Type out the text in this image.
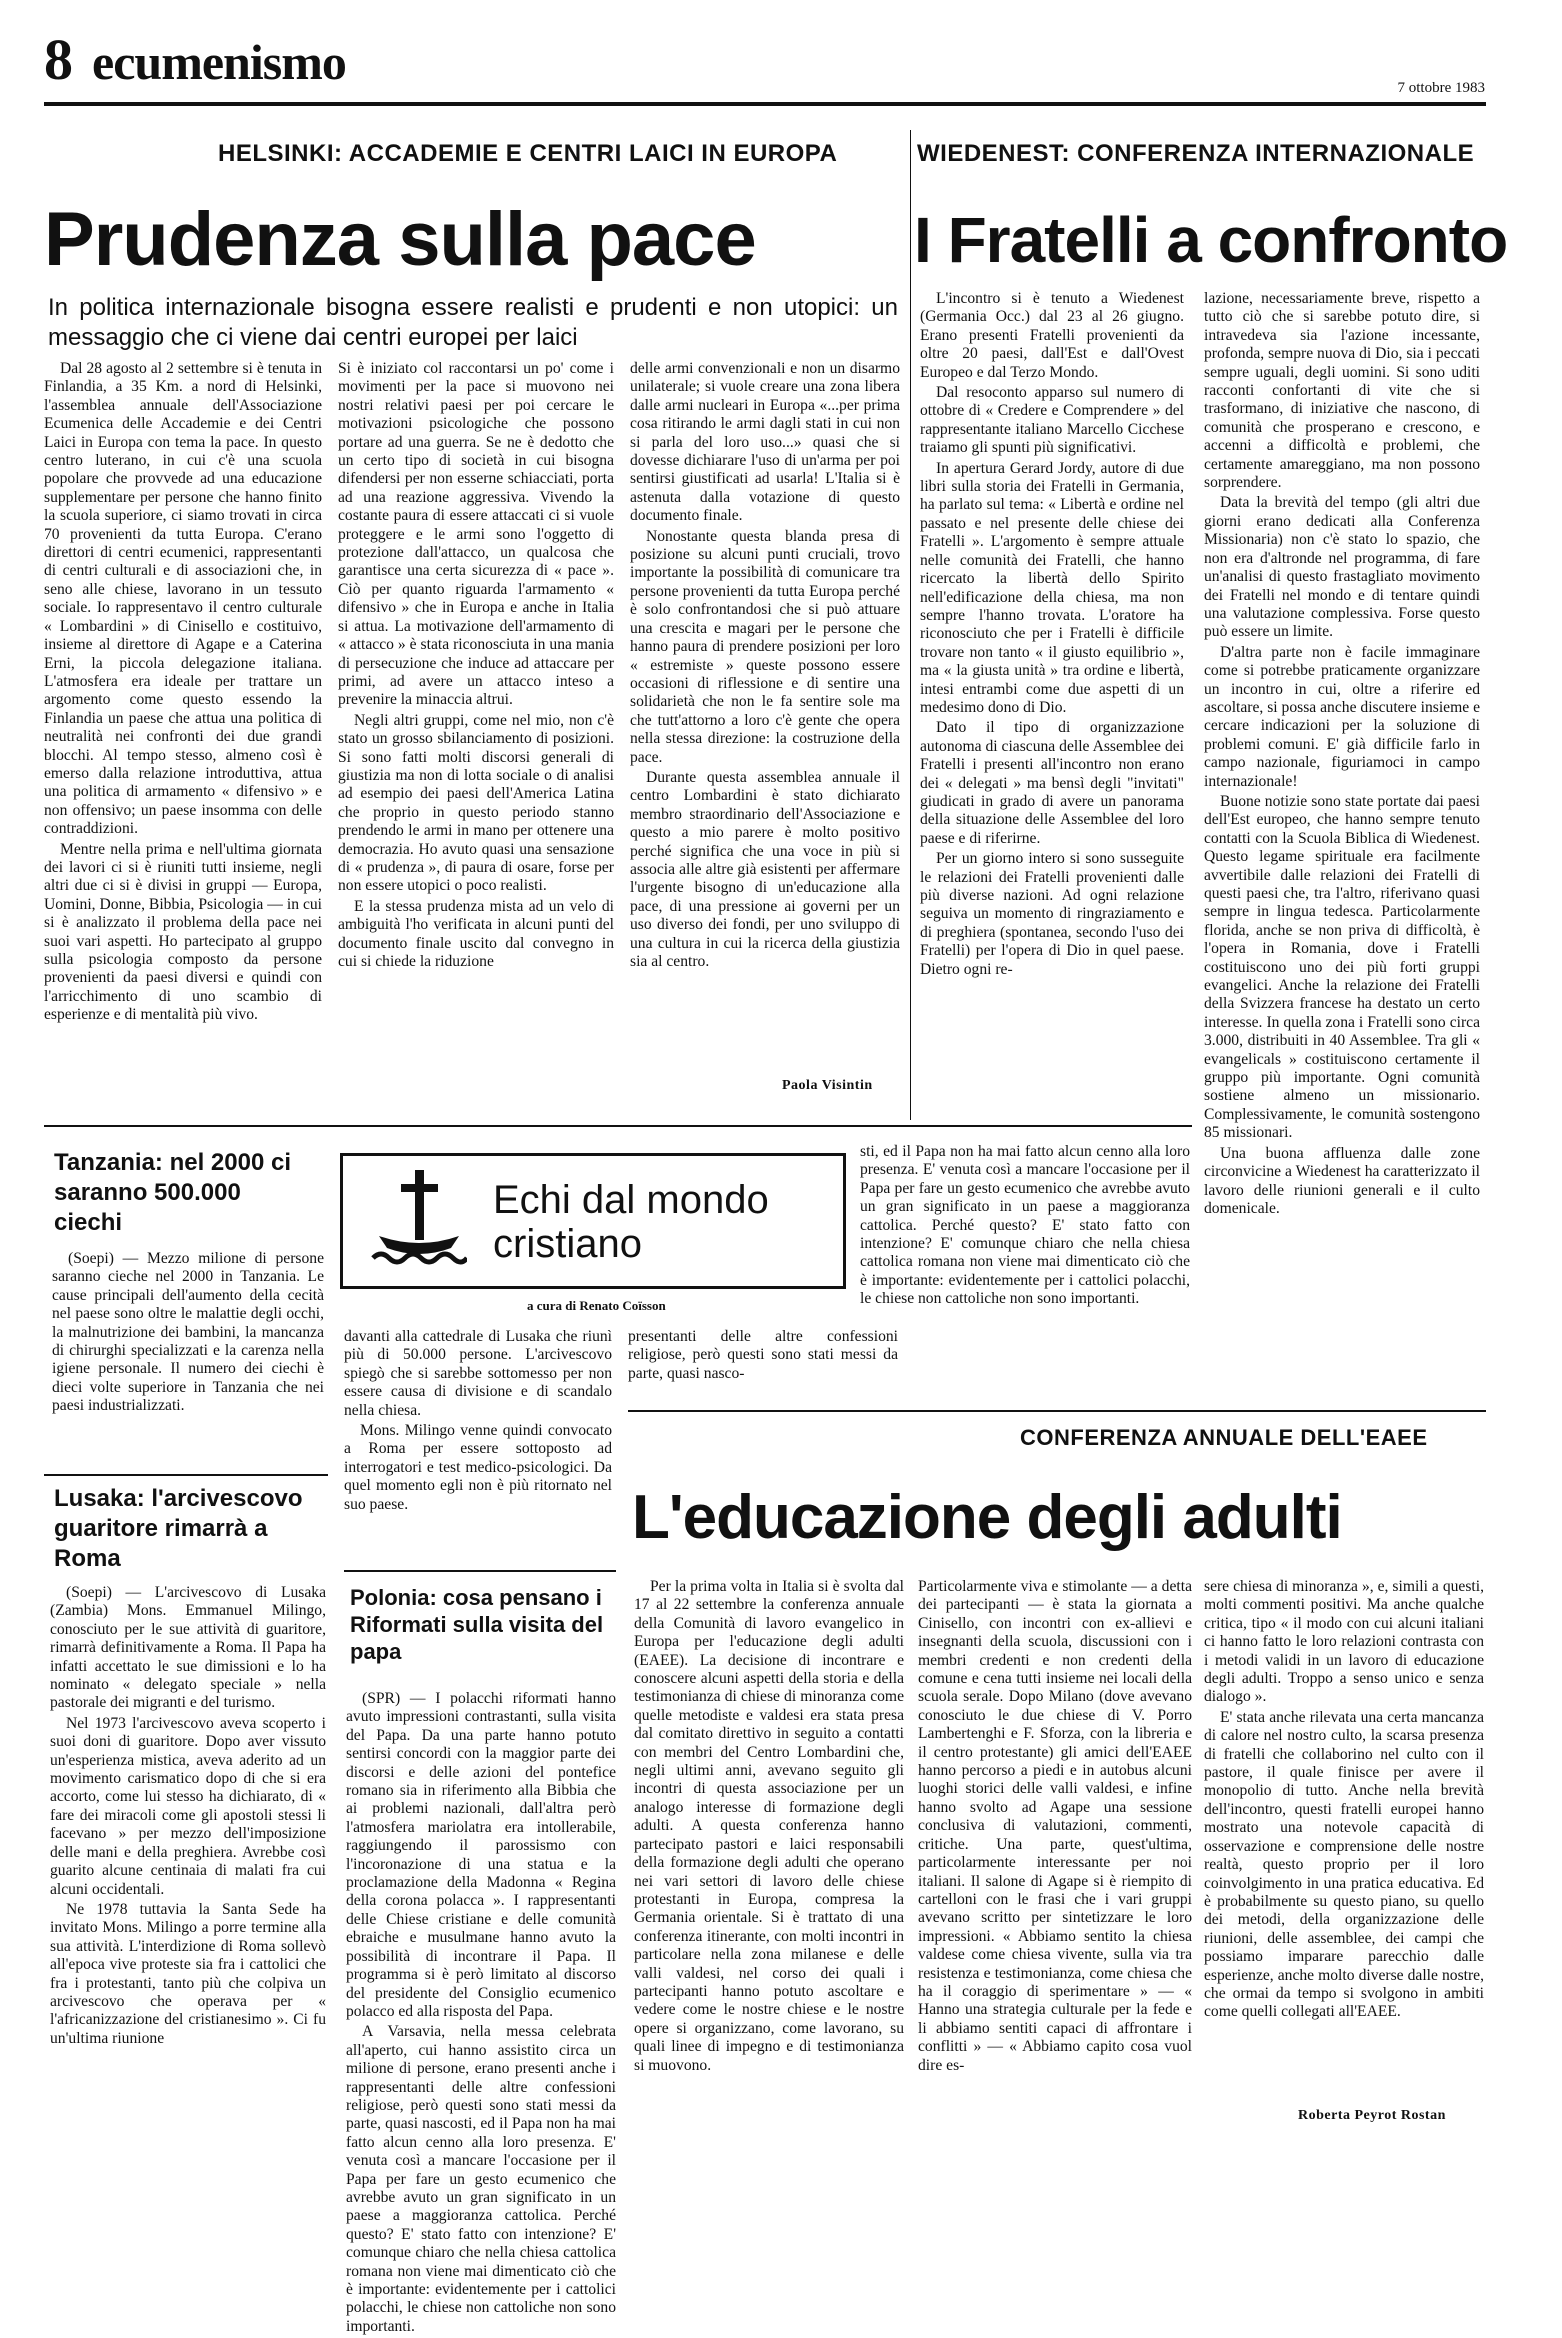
8 ecumenismo	7 ottobre 1983
HELSINKI: ACCADEMIE E CENTRI LAICI IN EUROPA
Prudenza sulla pace
In politica internazionale bisogna essere realisti e prudenti e non utopici: un messaggio che ci viene dai centri europei per laici

Dal 28 agosto al 2 settembre si è tenuta in Finlandia, a 35 Km. a nord di Helsinki, l'assemblea annuale dell'Associazione Ecumenica delle Accademie e dei Centri Laici in Europa con tema la pace. In questo centro luterano, in cui c'è una scuola popolare che provvede ad una educazione supplementare per persone che hanno finito la scuola superiore, ci siamo trovati in circa 70 provenienti da tutta Europa. C'erano direttori di centri ecumenici, rappresentanti di centri culturali e di associazioni che, in seno alle chiese, lavorano in un tessuto sociale. Io rappresentavo il centro culturale « Lombardini » di Cinisello e costituivo, insieme al direttore di Agape e a Caterina Erni, la piccola delegazione italiana. L'atmosfera era ideale per trattare un argomento come questo essendo la Finlandia un paese che attua una politica di neutralità nei confronti dei due grandi blocchi. Al tempo stesso, almeno così è emerso dalla relazione introduttiva, attua una politica di armamento « difensivo » e non offensivo; un paese insomma con delle contraddizioni.

Mentre nella prima e nell'ultima giornata dei lavori ci si è riuniti tutti insieme, negli altri due ci si è divisi in gruppi — Europa, Uomini, Donne, Bibbia, Psicologia — in cui si è analizzato il problema della pace nei suoi vari aspetti. Ho partecipato al gruppo sulla psicologia composto da persone provenienti da paesi diversi e quindi con l'arricchimento di uno scambio di esperienze e di mentalità più vivo.

Si è iniziato col raccontarsi un po' come i movimenti per la pace si muovono nei nostri relativi paesi per poi cercare le motivazioni psicologiche che possono portare ad una guerra. Se ne è dedotto che un certo tipo di società in cui bisogna difendersi per non esserne schiacciati, porta ad una reazione aggressiva. Vivendo la costante paura di essere attaccati ci si vuole proteggere e le armi sono l'oggetto di protezione dall'attacco, un qualcosa che garantisce una certa sicurezza di « pace ». Ciò per quanto riguarda l'armamento « difensivo » che in Europa e anche in Italia si attua. La motivazione dell'armamento di « attacco » è stata riconosciuta in una mania di persecuzione che induce ad attaccare per primi, ad avere un attacco inteso a prevenire la minaccia altrui.

Negli altri gruppi, come nel mio, non c'è stato un grosso sbilanciamento di posizioni. Si sono fatti molti discorsi generali di giustizia ma non di lotta sociale o di analisi ad esempio dei paesi dell'America Latina che proprio in questo periodo stanno prendendo le armi in mano per ottenere una democrazia. Ho avuto quasi una sensazione di « prudenza », di paura di osare, forse per non essere utopici o poco realisti.

E la stessa prudenza mista ad un velo di ambiguità l'ho verificata in alcuni punti del documento finale uscito dal convegno in cui si chiede la riduzione

delle armi convenzionali e non un disarmo unilaterale; si vuole creare una zona libera dalle armi nucleari in Europa «...per prima cosa ritirando le armi dagli stati in cui non si parla del loro uso...» quasi che si dovesse dichiarare l'uso di un'arma per poi sentirsi giustificati ad usarla! L'Italia si è astenuta dalla votazione di questo documento finale.

Nonostante questa blanda presa di posizione su alcuni punti cruciali, trovo importante la possibilità di comunicare tra persone provenienti da tutta Europa perché è solo confrontandosi che si può attuare una crescita e magari per le persone che hanno paura di prendere posizioni per loro « estremiste » queste possono essere occasioni di riflessione e di sentire una solidarietà che non le fa sentire sole ma che tutt'attorno a loro c'è gente che opera nella stessa direzione: la costruzione della pace.

Durante questa assemblea annuale il centro Lombardini è stato dichiarato membro straordinario dell'Associazione e questo a mio parere è molto positivo perché significa che una voce in più si associa alle altre già esistenti per affermare l'urgente bisogno di un'educazione alla pace, di una pressione ai governi per un uso diverso dei fondi, per uno sviluppo di una cultura in cui la ricerca della giustizia sia al centro.

Paola Visintin
WIEDENEST: CONFERENZA INTERNAZIONALE
I Fratelli a confronto

L'incontro si è tenuto a Wiedenest (Germania Occ.) dal 23 al 26 giugno. Erano presenti Fratelli provenienti da oltre 20 paesi, dall'Est e dall'Ovest Europeo e dal Terzo Mondo.

Dal resoconto apparso sul numero di ottobre di « Credere e Comprendere » del rappresentante italiano Marcello Cicchese traiamo gli spunti più significativi.

In apertura Gerard Jordy, autore di due libri sulla storia dei Fratelli in Germania, ha parlato sul tema: « Libertà e ordine nel passato e nel presente delle chiese dei Fratelli ». L'argomento è sempre attuale nelle comunità dei Fratelli, che hanno ricercato la libertà dello Spirito nell'edificazione della chiesa, ma non sempre l'hanno trovata. L'oratore ha riconosciuto che per i Fratelli è difficile trovare non tanto « il giusto equilibrio », ma « la giusta unità » tra ordine e libertà, intesi entrambi come due aspetti di un medesimo dono di Dio.

Dato il tipo di organizzazione autonoma di ciascuna delle Assemblee dei Fratelli i presenti all'incontro non erano dei « delegati » ma bensì degli "invitati" giudicati in grado di avere un panorama della situazione delle Assemblee del loro paese e di riferirne.

Per un giorno intero si sono susseguite le relazioni dei Fratelli provenienti dalle più diverse nazioni. Ad ogni relazione seguiva un momento di ringraziamento e di preghiera (spontanea, secondo l'uso dei Fratelli) per l'opera di Dio in quel paese. Dietro ogni re-

lazione, necessariamente breve, rispetto a tutto ciò che si sarebbe potuto dire, si intravedeva sia l'azione incessante, profonda, sempre nuova di Dio, sia i peccati sempre uguali, degli uomini. Si sono uditi racconti confortanti di vite che si trasformano, di iniziative che nascono, di comunità che prosperano e crescono, e accenni a difficoltà e problemi, che certamente amareggiano, ma non possono sorprendere.

Data la brevità del tempo (gli altri due giorni erano dedicati alla Conferenza Missionaria) non c'è stato lo spazio, che non era d'altronde nel programma, di fare un'analisi di questo frastagliato movimento dei Fratelli nel mondo e di tentare quindi una valutazione complessiva. Forse questo può essere un limite.

D'altra parte non è facile immaginare come si potrebbe praticamente organizzare un incontro in cui, oltre a riferire ed ascoltare, si possa anche discutere insieme e cercare indicazioni per la soluzione di problemi comuni. E' già difficile farlo in campo nazionale, figuriamoci in campo internazionale!

Buone notizie sono state portate dai paesi dell'Est europeo, che hanno sempre tenuto contatti con la Scuola Biblica di Wiedenest. Questo legame spirituale era facilmente avvertibile dalle relazioni dei Fratelli di questi paesi che, tra l'altro, riferivano quasi sempre in lingua tedesca. Particolarmente florida, anche se non priva di difficoltà, è l'opera in Romania, dove i Fratelli costituiscono uno dei più forti gruppi evangelici. Anche la relazione dei Fratelli della Svizzera francese ha destato un certo interesse. In quella zona i Fratelli sono circa 3.000, distribuiti in 40 Assemblee. Tra gli « evangelicals » costituiscono certamente il gruppo più importante. Ogni comunità sostiene almeno un missionario. Complessivamente, le comunità sostengono 85 missionari.

Una buona affluenza dalle zone circonvicine a Wiedenest ha caratterizzato il lavoro delle riunioni generali e il culto domenicale.

Tanzania: nel 2000 ci saranno 500.000 ciechi

(Soepi) — Mezzo milione di persone saranno cieche nel 2000 in Tanzania. Le cause principali dell'aumento della cecità nel paese sono oltre le malattie degli occhi, la malnutrizione dei bambini, la mancanza di chirurghi specializzati e la carenza nella igiene personale. Il numero dei ciechi è dieci volte superiore in Tanzania che nei paesi industrializzati.

Echi dal mondo
cristiano
a cura di Renato Coïsson

davanti alla cattedrale di Lusaka che riunì più di 50.000 persone. L'arcivescovo spiegò che si sarebbe sottomesso per non essere causa di divisione e di scandalo nella chiesa.

Mons. Milingo venne quindi convocato a Roma per essere sottoposto ad interrogatori e test medico-psicologici. Da quel momento egli non è più ritornato nel suo paese.

presentanti delle altre confessioni religiose, però questi sono stati messi da parte, quasi nasco-

sti, ed il Papa non ha mai fatto alcun cenno alla loro presenza. E' venuta così a mancare l'occasione per il Papa per fare un gesto ecumenico che avrebbe avuto un gran significato in un paese a maggioranza cattolica. Perché questo? E' stato fatto con intenzione? E' comunque chiaro che nella chiesa cattolica romana non viene mai dimenticato ciò che è importante: evidentemente per i cattolici polacchi, le chiese non cattoliche non sono importanti.

Lusaka: l'arcivescovo guaritore rimarrà a Roma

(Soepi) — L'arcivescovo di Lusaka (Zambia) Mons. Emmanuel Milingo, conosciuto per le sue attività di guaritore, rimarrà definitivamente a Roma. Il Papa ha infatti accettato le sue dimissioni e lo ha nominato « delegato speciale » nella pastorale dei migranti e del turismo.

Nel 1973 l'arcivescovo aveva scoperto i suoi doni di guaritore. Dopo aver vissuto un'esperienza mistica, aveva aderito ad un movimento carismatico dopo di che si era accorto, come lui stesso ha dichiarato, di « fare dei miracoli come gli apostoli stessi li facevano » per mezzo dell'imposizione delle mani e della preghiera. Avrebbe così guarito alcune centinaia di malati fra cui alcuni occidentali.

Ne 1978 tuttavia la Santa Sede ha invitato Mons. Milingo a porre termine alla sua attività. L'interdizione di Roma sollevò all'epoca vive proteste sia fra i cattolici che fra i protestanti, tanto più che colpiva un arcivescovo che operava per « l'africanizzazione del cristianesimo ». Ci fu un'ultima riunione

Polonia: cosa pensano i Riformati sulla visita del papa

(SPR) — I polacchi riformati hanno avuto impressioni contrastanti, sulla visita del Papa. Da una parte hanno potuto sentirsi concordi con la maggior parte dei discorsi e delle azioni del pontefice romano sia in riferimento alla Bibbia che ai problemi nazionali, dall'altra però l'atmosfera mariolatra era intollerabile, raggiungendo il parossismo con l'incoronazione di una statua e la proclamazione della Madonna « Regina della corona polacca ». I rappresentanti delle Chiese cristiane e delle comunità ebraiche e musulmane hanno avuto la possibilità di incontrare il Papa. Il programma si è però limitato al discorso del presidente del Consiglio ecumenico polacco ed alla risposta del Papa.

A Varsavia, nella messa celebrata all'aperto, cui hanno assistito circa un milione di persone, erano presenti anche i rappresentanti delle altre confessioni religiose, però questi sono stati messi da parte, quasi nascosti, ed il Papa non ha mai fatto alcun cenno alla loro presenza. E' venuta così a mancare l'occasione per il Papa per fare un gesto ecumenico che avrebbe avuto un gran significato in un paese a maggioranza cattolica. Perché questo? E' stato fatto con intenzione? E' comunque chiaro che nella chiesa cattolica romana non viene mai dimenticato ciò che è importante: evidentemente per i cattolici polacchi, le chiese non cattoliche non sono importanti.

CONFERENZA ANNUALE DELL'EAEE
L'educazione degli adulti

Per la prima volta in Italia si è svolta dal 17 al 22 settembre la conferenza annuale della Comunità di lavoro evangelico in Europa per l'educazione degli adulti (EAEE). La decisione di incontrare e conoscere alcuni aspetti della storia e della testimonianza di chiese di minoranza come quelle metodiste e valdesi era stata presa dal comitato direttivo in seguito a contatti con membri del Centro Lombardini che, negli ultimi anni, avevano seguito gli incontri di questa associazione per un analogo interesse di formazione degli adulti. A questa conferenza hanno partecipato pastori e laici responsabili della formazione degli adulti che operano nei vari settori di lavoro delle chiese protestanti in Europa, compresa la Germania orientale. Si è trattato di una conferenza itinerante, con molti incontri in particolare nella zona milanese e delle valli valdesi, nel corso dei quali i partecipanti hanno potuto ascoltare e vedere come le nostre chiese e le nostre opere si organizzano, come lavorano, su quali linee di impegno e di testimonianza si muovono.

Particolarmente viva e stimolante — a detta dei partecipanti — è stata la giornata a Cinisello, con incontri con ex-allievi e insegnanti della scuola, discussioni con i membri credenti e non credenti della comune e cena tutti insieme nei locali della scuola serale. Dopo Milano (dove avevano conosciuto le due chiese di V. Porro Lambertenghi e F. Sforza, con la libreria e il centro protestante) gli amici dell'EAEE hanno percorso a piedi e in autobus alcuni luoghi storici delle valli valdesi, e infine hanno svolto ad Agape una sessione conclusiva di valutazioni, commenti, critiche. Una parte, quest'ultima, particolarmente interessante per noi italiani. Il salone di Agape si è riempito di cartelloni con le frasi che i vari gruppi avevano scritto per sintetizzare le loro impressioni. « Abbiamo sentito la chiesa valdese come chiesa vivente, sulla via tra resistenza e testimonianza, come chiesa che ha il coraggio di sperimentare » — « Hanno una strategia culturale per la fede e li abbiamo sentiti capaci di affrontare i conflitti » — « Abbiamo capito cosa vuol dire es-

sere chiesa di minoranza », e, simili a questi, molti commenti positivi. Ma anche qualche critica, tipo « il modo con cui alcuni italiani ci hanno fatto le loro relazioni contrasta con i metodi validi in un lavoro di educazione degli adulti. Troppo a senso unico e senza dialogo ».

E' stata anche rilevata una certa mancanza di calore nel nostro culto, la scarsa presenza di fratelli che collaborino nel culto con il pastore, il quale finisce per avere il monopolio di tutto. Anche nella brevità dell'incontro, questi fratelli europei hanno mostrato una notevole capacità di osservazione e comprensione delle nostre realtà, questo proprio per il loro coinvolgimento in una pratica educativa. Ed è probabilmente su questo piano, su quello dei metodi, della organizzazione delle riunioni, delle assemblee, dei campi che possiamo imparare parecchio dalle esperienze, anche molto diverse dalle nostre, che ormai da tempo si svolgono in ambiti come quelli collegati all'EAEE.

Roberta Peyrot Rostan
